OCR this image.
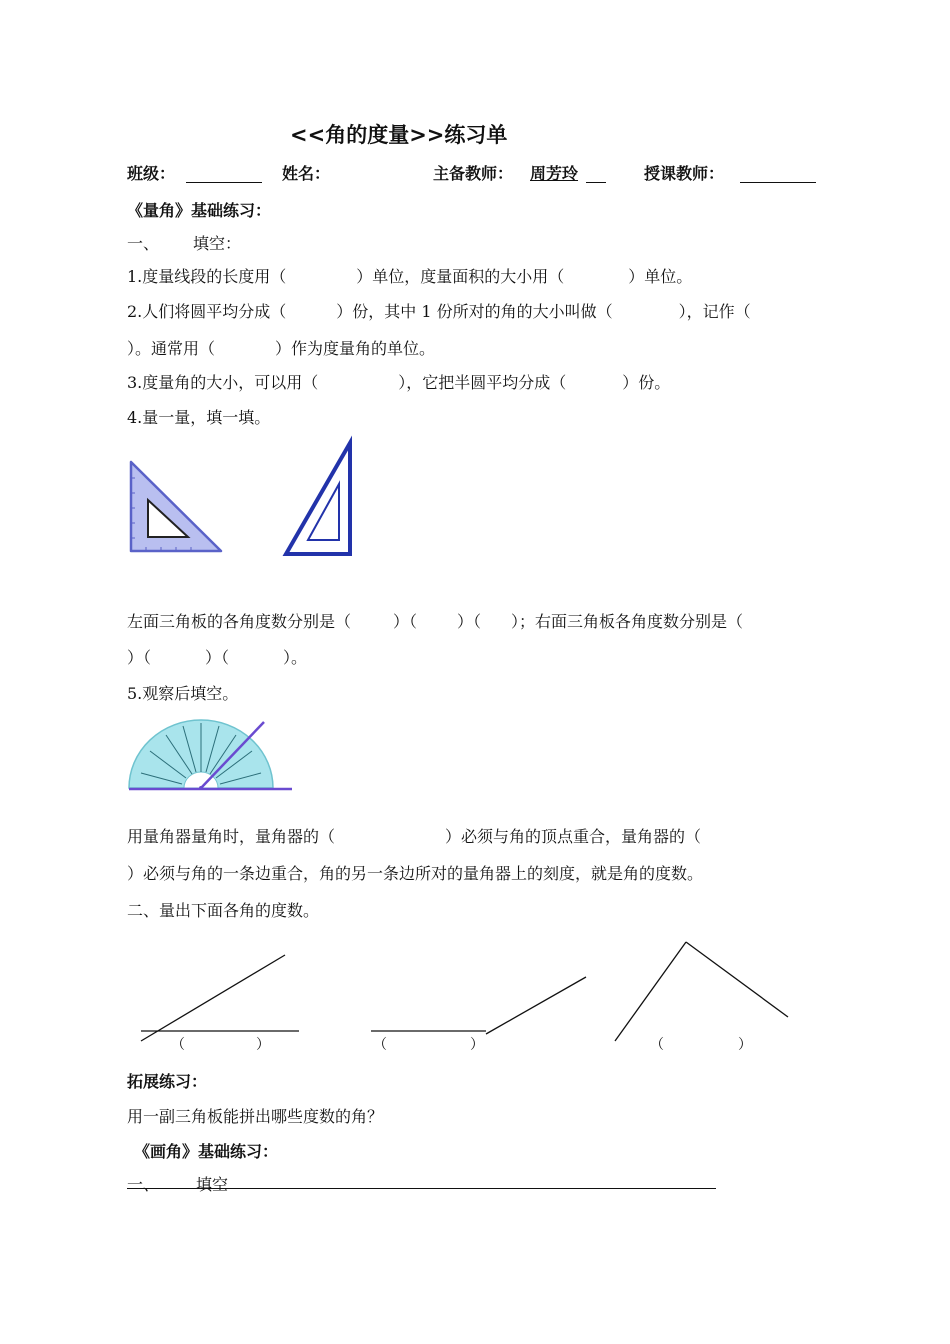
<<角的度量>>练习单
班级：	姓名：	主备教师： 周芳玲	授课教师：
《量角》基础练习：
一、 填空：
1.度量线段的长度用（	）单位，度量面积的大小用（	）单位。
2.人们将圆平均分成（	）份，其中 1 份所对的角的大小叫做（	），记作（
）。通常用（	）作为度量角的单位。
3.度量角的大小，可以用（	），它把半圆平均分成（	）份。
4.量一量，填一填。
左面三角板的各角度数分别是（	）（	）（ ）；右面三角板各角度数分别是（
）（	）（	）。
5.观察后填空。
用量角器量角时，量角器的（	）必须与角的顶点重合，量角器的（
）必须与角的一条边重合，角的另一条边所对的量角器上的刻度，就是角的度数。
二、量出下面各角的度数。
（	）	（	）	（	）
拓展练习：
用一副三角板能拼出哪些度数的角？
《画角》基础练习：
一、 填空
